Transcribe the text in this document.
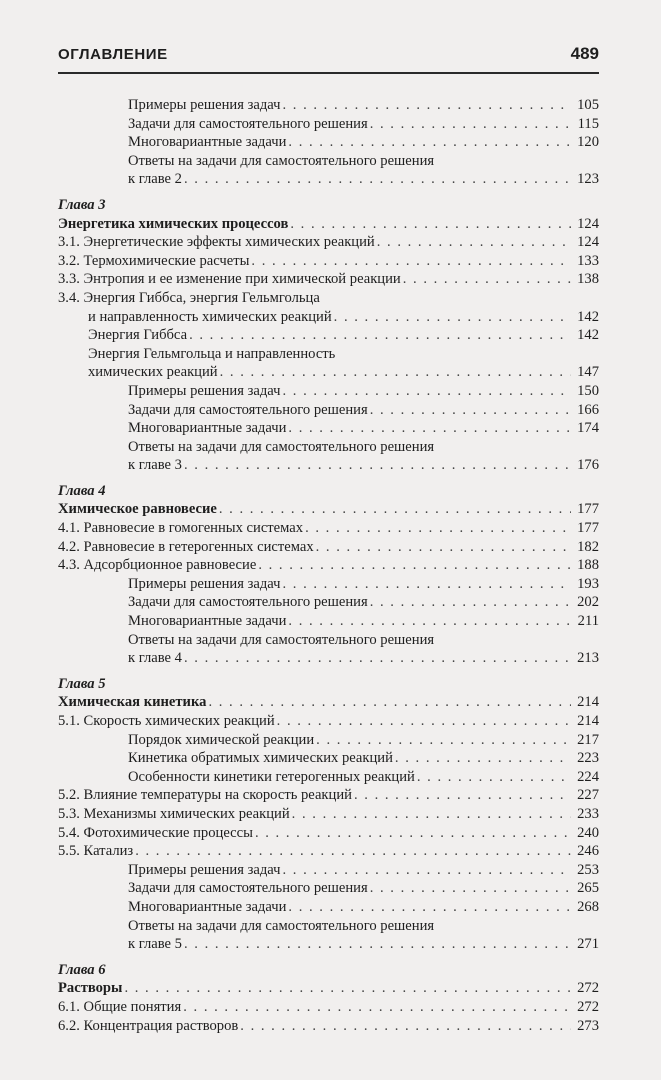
ОГЛАВЛЕНИЕ	489
Примеры решения задач . . .	105
Задачи для самостоятельного решения . . .	115
Многовариантные задачи . . .	120
Ответы на задачи для самостоятельного решения
к главе 2 . . .	123
Глава 3
Энергетика химических процессов . . .	124
3.1. Энергетические эффекты химических реакций . . .	124
3.2. Термохимические расчеты . . .	133
3.3. Энтропия и ее изменение при химической реакции . . .	138
3.4. Энергия Гиббса, энергия Гельмгольца
и направленность химических реакций . . .	142
Энергия Гиббса . . .	142
Энергия Гельмгольца и направленность
химических реакций . . .	147
Примеры решения задач . . .	150
Задачи для самостоятельного решения . . .	166
Многовариантные задачи . . .	174
Ответы на задачи для самостоятельного решения
к главе 3 . . .	176
Глава 4
Химическое равновесие . . .	177
4.1. Равновесие в гомогенных системах . . .	177
4.2. Равновесие в гетерогенных системах . . .	182
4.3. Адсорбционное равновесие . . .	188
Примеры решения задач . . .	193
Задачи для самостоятельного решения . . .	202
Многовариантные задачи . . .	211
Ответы на задачи для самостоятельного решения
к главе 4 . . .	213
Глава 5
Химическая кинетика . . .	214
5.1. Скорость химических реакций . . .	214
Порядок химической реакции . . .	217
Кинетика обратимых химических реакций . . .	223
Особенности кинетики гетерогенных реакций . . .	224
5.2. Влияние температуры на скорость реакций . . .	227
5.3. Механизмы химических реакций . . .	233
5.4. Фотохимические процессы . . .	240
5.5. Катализ . . .	246
Примеры решения задач . . .	253
Задачи для самостоятельного решения . . .	265
Многовариантные задачи . . .	268
Ответы на задачи для самостоятельного решения
к главе 5 . . .	271
Глава 6
Растворы . . .	272
6.1. Общие понятия . . .	272
6.2. Концентрация растворов . . .	273
